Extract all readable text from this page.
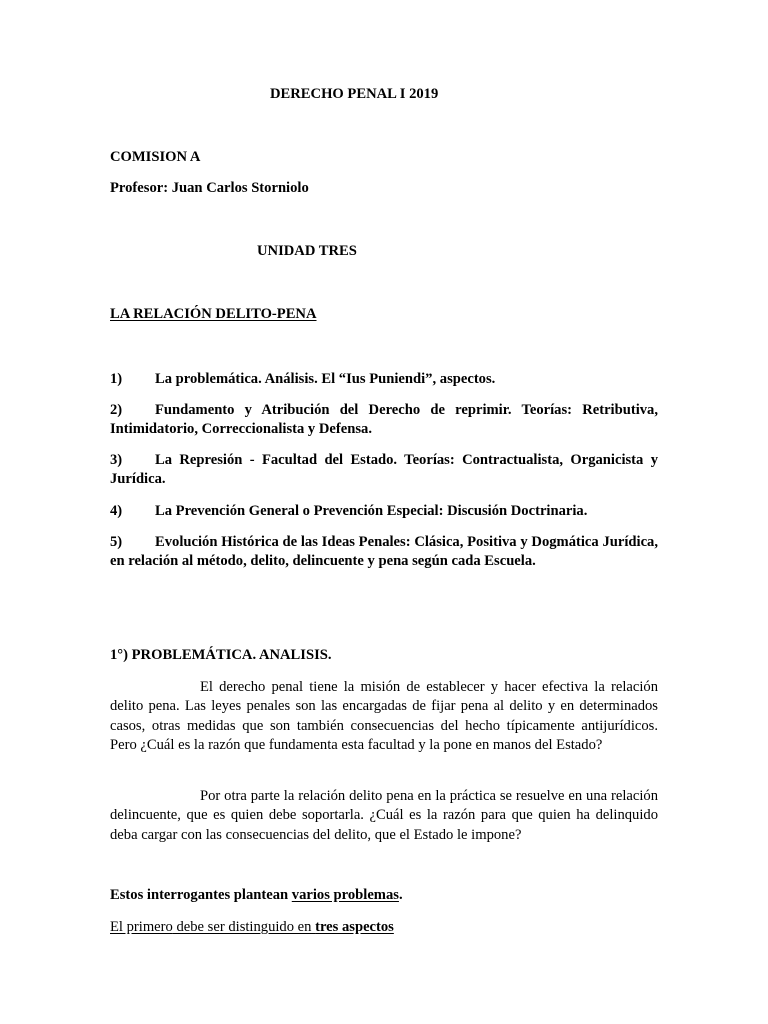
DERECHO PENAL I 2019
COMISION A
Profesor: Juan Carlos Storniolo
UNIDAD TRES
LA RELACIÓN DELITO-PENA
1)	La problemática. Análisis. El “Ius Puniendi”, aspectos.
2)	Fundamento y Atribución del Derecho de reprimir. Teorías: Retributiva, Intimidatorio, Correccionalista y Defensa.
3)	La Represión - Facultad del Estado. Teorías: Contractualista, Organicista y Jurídica.
4)	La Prevención General o Prevención Especial: Discusión Doctrinaria.
5)	Evolución Histórica de las Ideas Penales: Clásica, Positiva y Dogmática Jurídica, en relación al método, delito, delincuente y pena según cada Escuela.
1°) PROBLEMÁTICA. ANALISIS.
El derecho penal tiene la misión de establecer y hacer efectiva la relación delito pena. Las leyes penales son las encargadas de fijar pena al delito y en determinados casos, otras medidas que son también consecuencias del hecho típicamente antijurídicos. Pero ¿Cuál es la razón que fundamenta esta facultad y la pone en manos del Estado?
Por otra parte la relación delito pena en la práctica se resuelve en una relación delincuente, que es quien debe soportarla. ¿Cuál es la razón para que quien ha delinquido deba cargar con las consecuencias del delito, que el Estado le impone?
Estos interrogantes plantean varios problemas.
El primero debe ser distinguido en tres aspectos
